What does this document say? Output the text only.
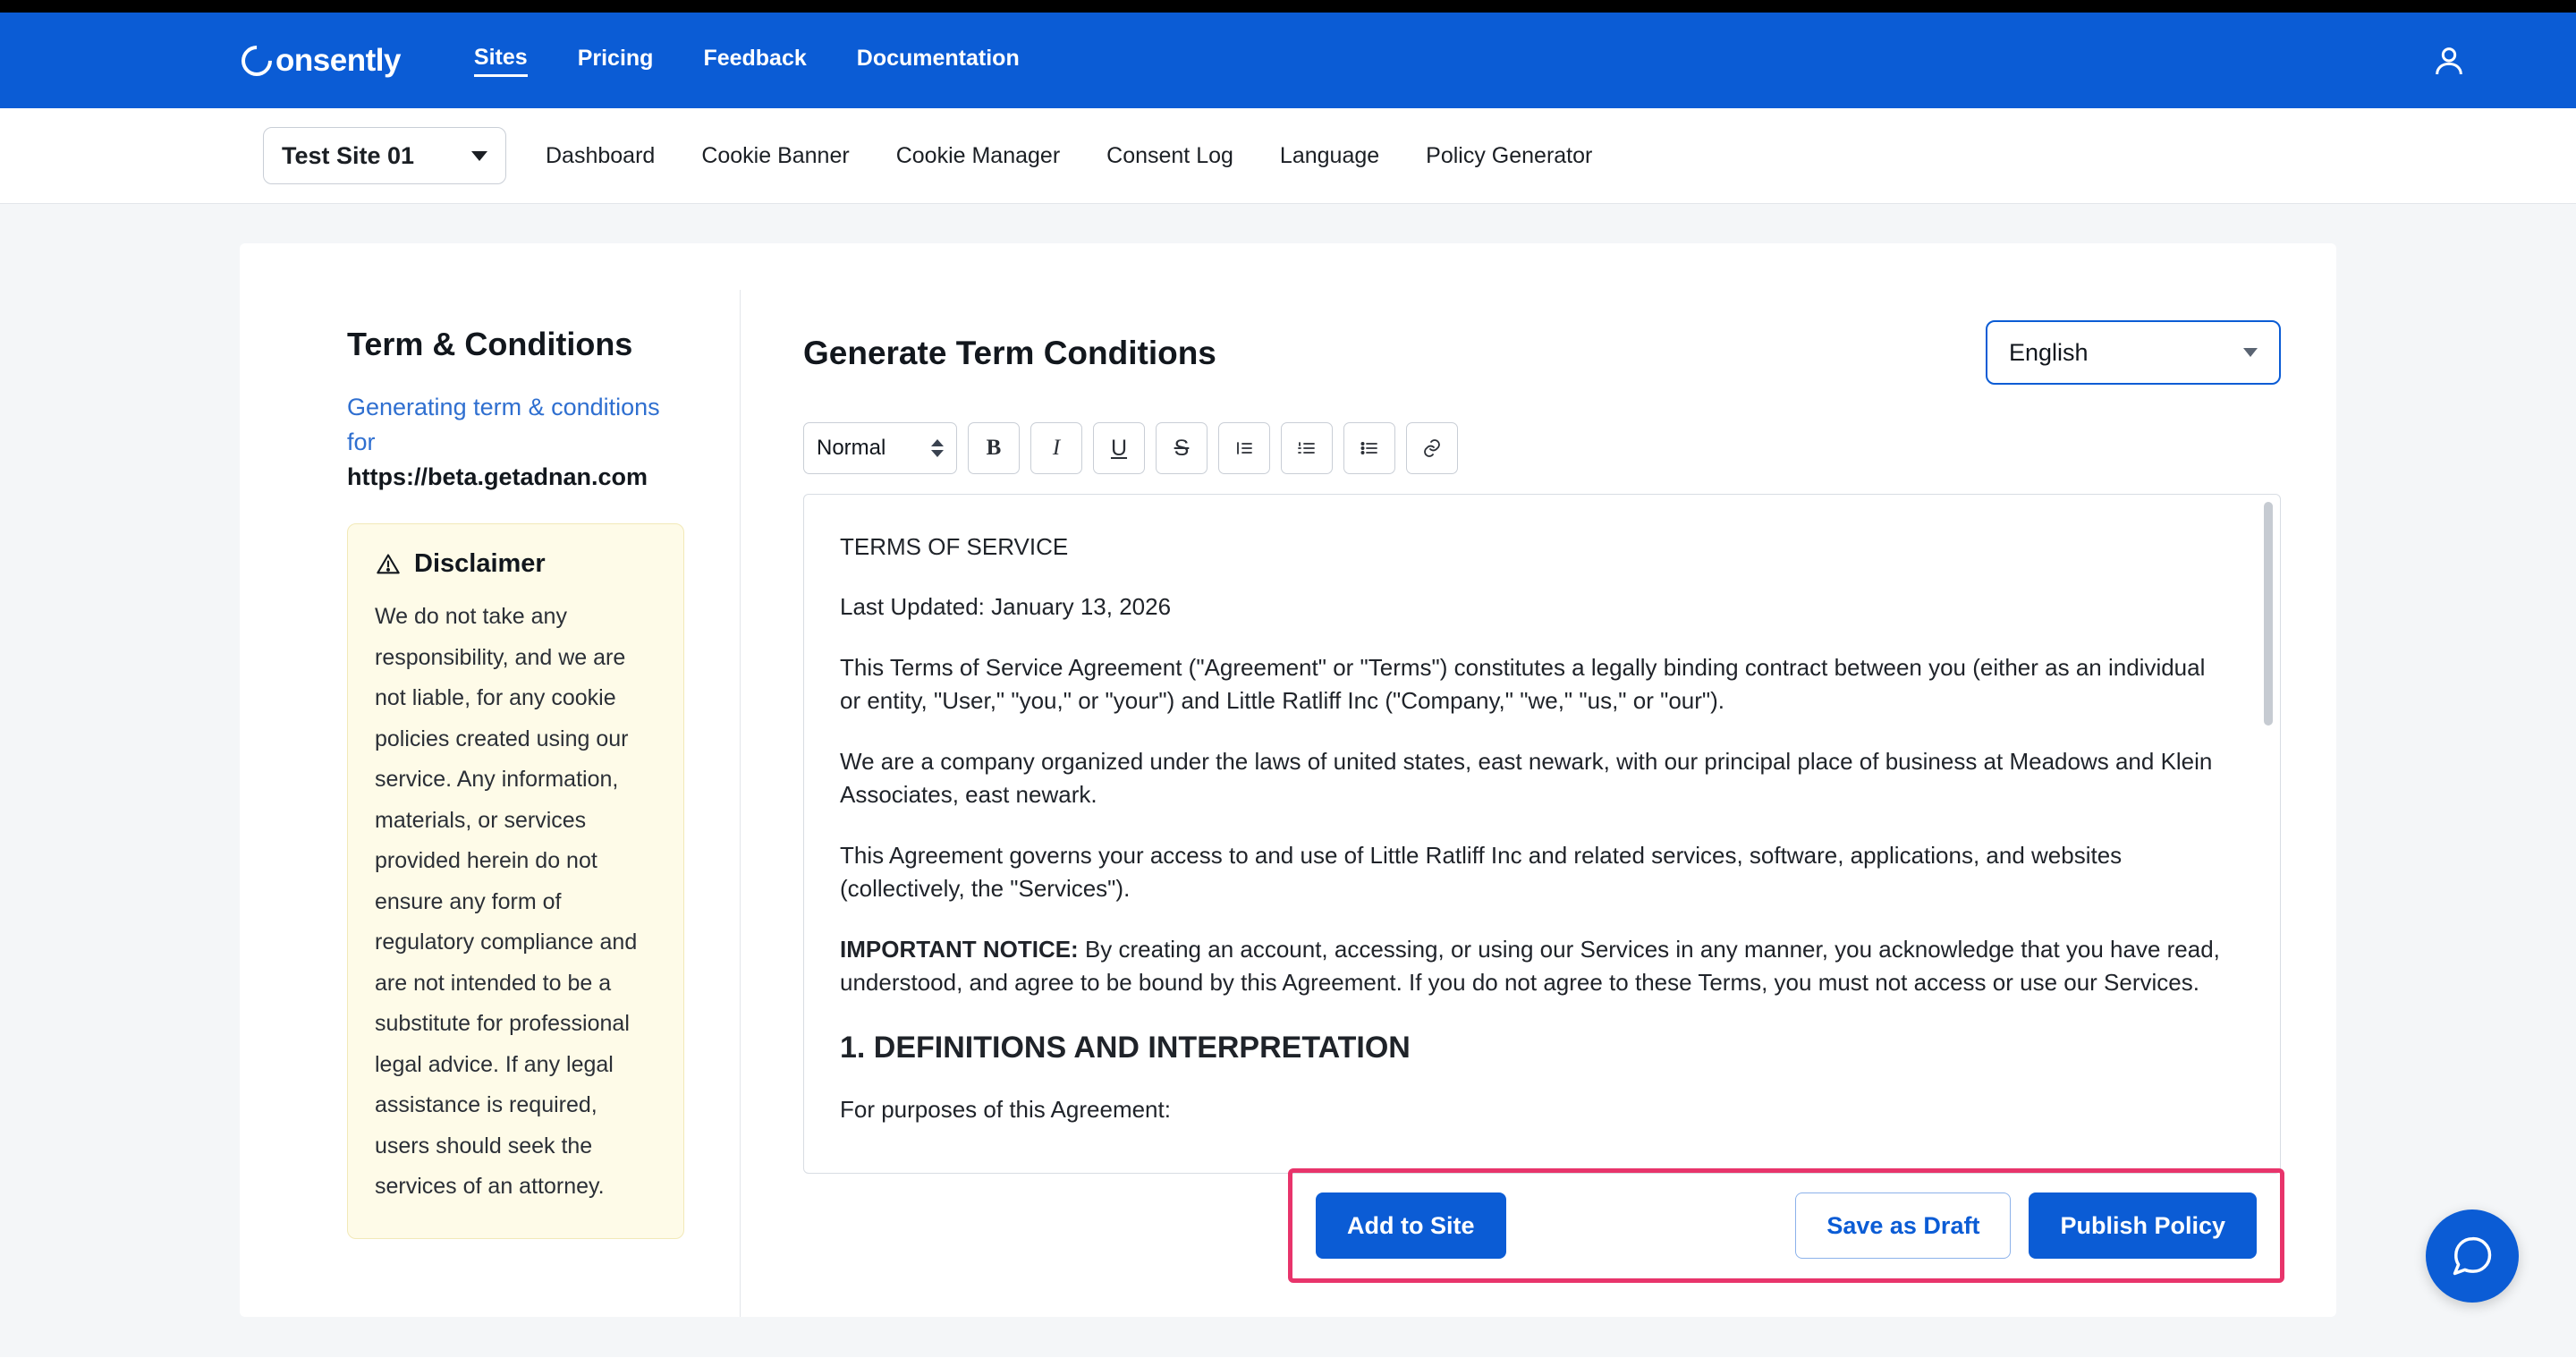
onsently	Sites Pricing Feedback Documentation
Test Site 01	Dashboard Cookie Banner Cookie Manager Consent Log Language Policy Generator
Term & Conditions
Generating term & conditions for
https://beta.getadnan.com
Disclaimer
We do not take any responsibility, and we are not liable, for any cookie policies created using our service. Any information, materials, or services provided herein do not ensure any form of regulatory compliance and are not intended to be a substitute for professional legal advice. If any legal assistance is required, users should seek the services of an attorney.
Generate Term Conditions	English
Normal	B	I	U	S

TERMS OF SERVICE

Last Updated: January 13, 2026

This Terms of Service Agreement ("Agreement" or "Terms") constitutes a legally binding contract between you (either as an individual or entity, "User," "you," or "your") and Little Ratliff Inc ("Company," "we," "us," or "our").

We are a company organized under the laws of united states, east newark, with our principal place of business at Meadows and Klein Associates, east newark.

This Agreement governs your access to and use of Little Ratliff Inc and related services, software, applications, and websites (collectively, the "Services").

IMPORTANT NOTICE: By creating an account, accessing, or using our Services in any manner, you acknowledge that you have read, understood, and agree to be bound by this Agreement. If you do not agree to these Terms, you must not access or use our Services.

1. DEFINITIONS AND INTERPRETATION

For purposes of this Agreement:

Add to Site	Save as Draft	Publish Policy
